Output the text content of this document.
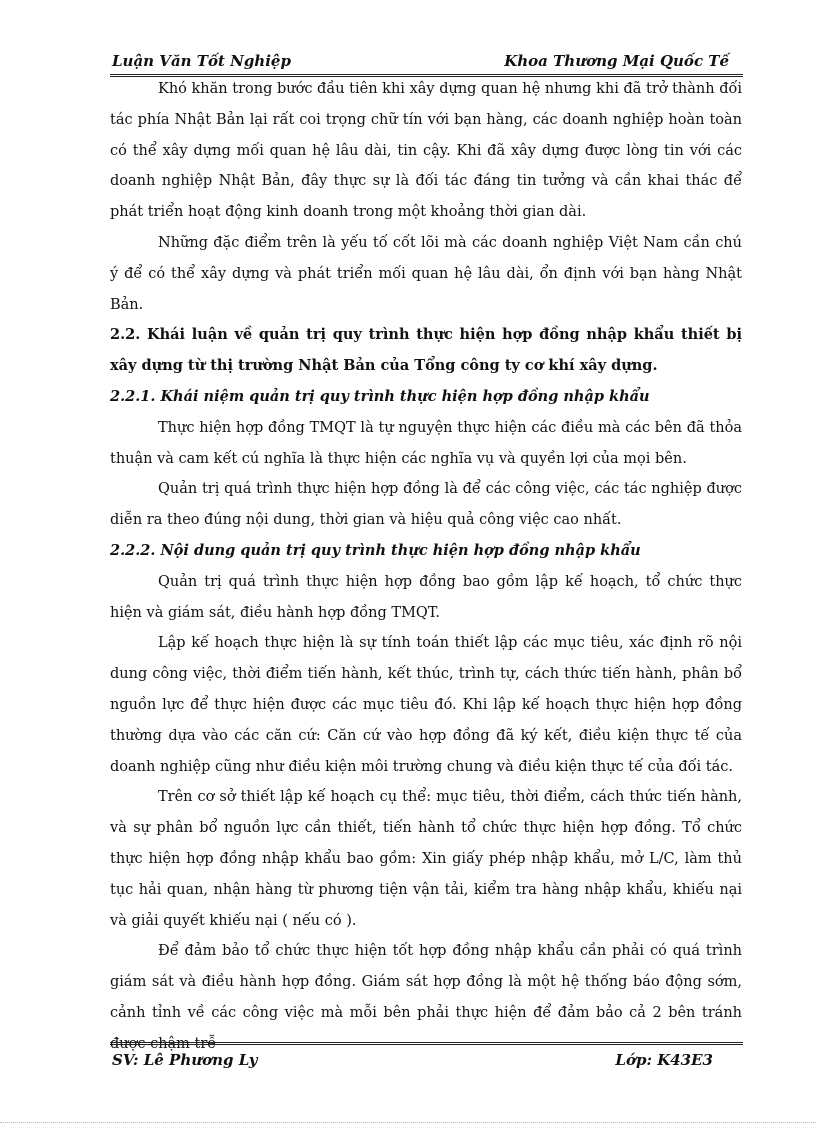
Luận Văn Tốt Nghiệp	Khoa Thương Mại Quốc Tế
Khó khăn trong bước đầu tiên khi xây dựng quan hệ nhưng khi đã trở thành đối tác phía Nhật Bản lại rất coi trọng chữ tín với bạn hàng, các doanh nghiệp hoàn toàn có thể xây dựng mối quan hệ lâu dài, tin cậy. Khi đã xây dựng được lòng tin với các doanh nghiệp Nhật Bản, đây thực sự là đối tác đáng tin tưởng và cần khai thác để phát triển hoạt động kinh doanh trong một khoảng thời gian dài.
Những đặc điểm trên là yếu tố cốt lõi mà các doanh nghiệp Việt Nam cần chú ý để có thể xây dựng và phát triển mối quan hệ lâu dài, ổn định với bạn hàng Nhật Bản.
2.2. Khái luận về quản trị quy trình thực hiện hợp đồng nhập khẩu thiết bị xây dựng từ thị trường Nhật Bản của Tổng công ty cơ khí xây dựng.
2.2.1. Khái niệm quản trị quy trình thực hiện hợp đồng nhập khẩu
Thực hiện hợp đồng TMQT là tự nguyện thực hiện các điều mà các bên đã thỏa thuận và cam kết cú nghĩa là thực hiện các nghĩa vụ và quyền lợi của mọi bên.
Quản trị quá trình thực hiện hợp đồng là để các công việc, các tác nghiệp được diễn ra theo đúng nội dung, thời gian và hiệu quả công việc cao nhất.
2.2.2. Nội dung quản trị quy trình thực hiện hợp đồng nhập khẩu
Quản trị quá trình thực hiện hợp đồng bao gồm lập kế hoạch, tổ chức thực hiện và giám sát, điều hành hợp đồng TMQT.
Lập kế hoạch thực hiện là sự tính toán thiết lập các mục tiêu, xác định rõ nội dung công việc, thời điểm tiến hành, kết thúc, trình tự, cách thức tiến hành, phân bổ nguồn lực để thực hiện được các mục tiêu đó. Khi lập kế hoạch thực hiện hợp đồng thường dựa vào các căn cứ: Căn cứ vào hợp đồng đã ký kết, điều kiện thực tế của doanh nghiệp cũng như điều kiện môi trường chung và điều kiện thực tế của đối tác.
Trên cơ sở thiết lập kế hoạch cụ thể: mục tiêu, thời điểm, cách thức tiến hành, và sự phân bổ nguồn lực cần thiết, tiến hành tổ chức thực hiện hợp đồng. Tổ chức thực hiện hợp đồng nhập khẩu bao gồm: Xin giấy phép nhập khẩu, mở L/C, làm thủ tục hải quan, nhận hàng từ phương tiện vận tải, kiểm tra hàng nhập khẩu, khiếu nại và giải quyết khiếu nại ( nếu có ).
Để đảm bảo tổ chức thực hiện tốt hợp đồng nhập khẩu cần phải có quá trình giám sát và điều hành hợp đồng. Giám sát hợp đồng là một hệ thống báo động sớm, cảnh tỉnh về các công việc mà mỗi bên phải thực hiện để đảm bảo cả 2 bên tránh được chậm trễ
SV: Lê Phương Ly	Lớp: K43E3
